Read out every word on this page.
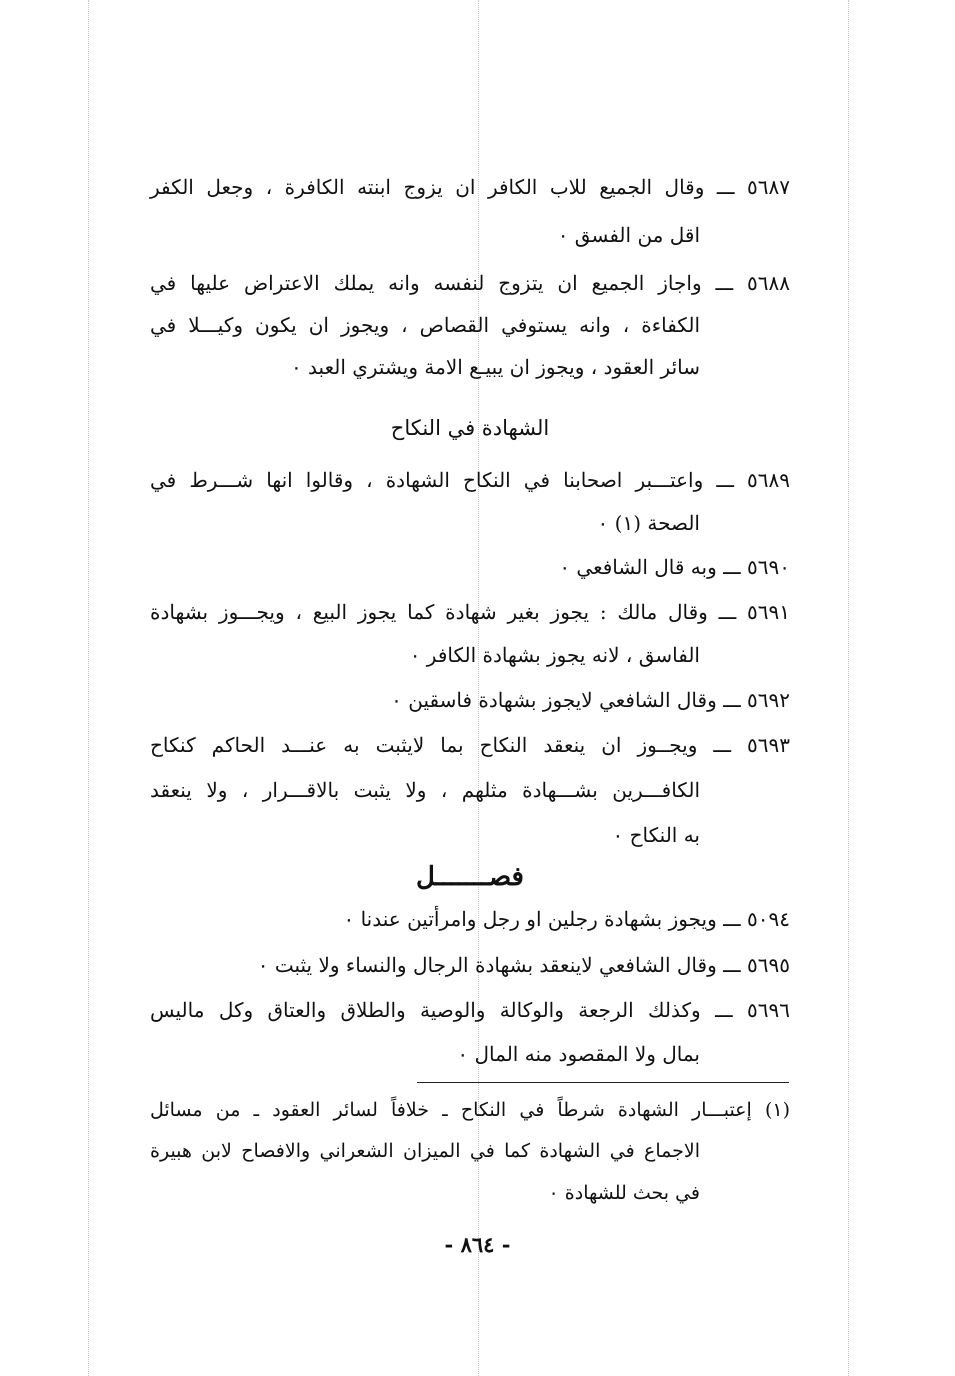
٥٦٨٧ ـــ وقال الجميع للاب الكافر ان يزوج ابنته الكافرة ، وجعل الكفر
اقل من الفسق ٠
٥٦٨٨ ـــ واجاز الجميع ان يتزوج لنفسه وانه يملك الاعتراض عليها في
الكفاءة ، وانه يستوفي القصاص ، ويجوز ان يكون وكيـــلا في
سائر العقود ، ويجوز ان يبيـع الامة ويشتري العبد ٠
الشهادة في النكاح
٥٦٨٩ ـــ واعتـــبر اصحابنا في النكاح الشهادة ، وقالوا انها شـــرط في
الصحة (١) ٠
٥٦٩٠ ـــ وبه قال الشافعي ٠
٥٦٩١ ـــ وقال مالك : يجوز بغير شهادة كما يجوز البيع ، ويجـــوز بشهادة
الفاسق ، لانه يجوز بشهادة الكافر ٠
٥٦٩٢ ـــ وقال الشافعي لايجوز بشهادة فاسقين ٠
٥٦٩٣ ـــ ويجــوز ان ينعقد النكاح بما لايثبت به عنـــد الحاكم كنكاح
الكافـــرين بشـــهادة مثلهم ، ولا يثبت بالاقـــرار ، ولا ينعقد
به النكاح ٠
فصـــــــل
٥٠٩٤ ـــ ويجوز بشهادة رجلين او رجل وامرأتين عندنا ٠
٥٦٩٥ ـــ وقال الشافعي لاينعقد بشهادة الرجال والنساء ولا يثبت ٠
٥٦٩٦ ـــ وكذلك الرجعة والوكالة والوصية والطلاق والعتاق وكل ماليس
بمال ولا المقصود منه المال ٠
(١) إعتبـــار الشهادة شرطاً في النكاح ـ خلافاً لسائر العقود ـ من مسائل
الاجماع في الشهادة كما في الميزان الشعراني والافصاح لابن هبيرة
في بحث للشهادة ٠
- ٨٦٤ -
